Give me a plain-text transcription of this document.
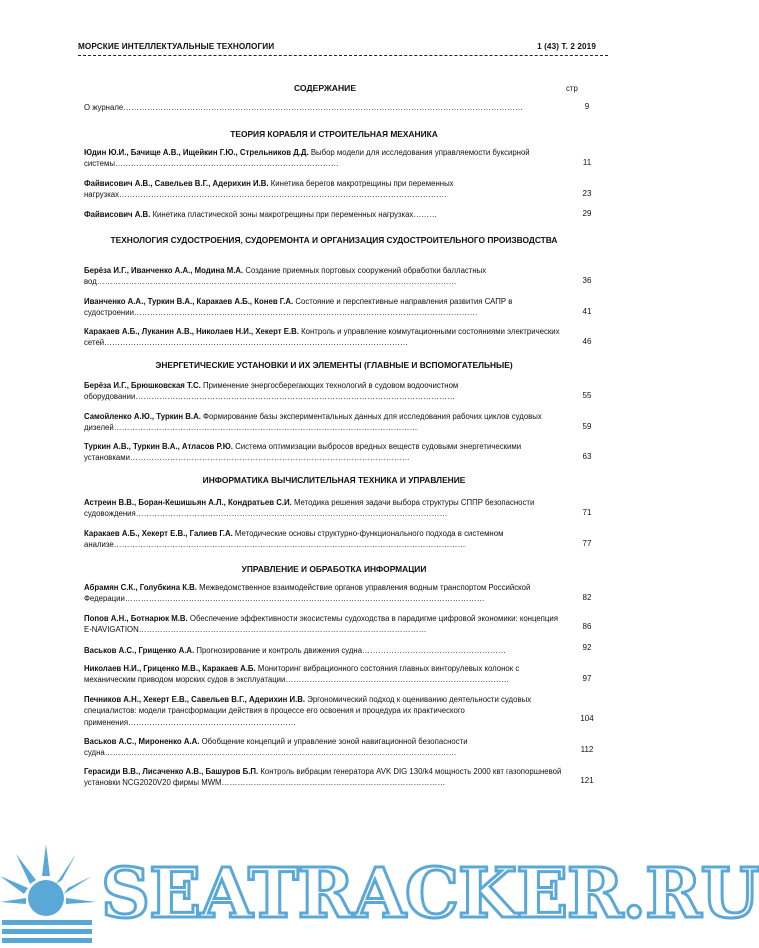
МОРСКИЕ ИНТЕЛЛЕКТУАЛЬНЫЕ ТЕХНОЛОГИИ	1 (43) Т. 2 2019
СОДЕРЖАНИЕ	стр
О журнале……………………………………………………………………………………………………………………………………	9
ТЕОРИЯ КОРАБЛЯ И СТРОИТЕЛЬНАЯ МЕХАНИКА
Юдин Ю.И., Бачище А.В., Ищейкин Г.Ю., Стрельников Д.Д. Выбор модели для исследования управляемости буксирной системы…………………………………………………………………………	11
Файвисович А.В., Савельев В.Г., Адерихин И.В. Кинетика берегов макротрещины при переменных нагрузках……………………………………………………………………………………………………………	23
Файвисович А.В. Кинетика пластической зоны макротрещины при переменных нагрузках………	29
ТЕХНОЛОГИЯ СУДОСТРОЕНИЯ, СУДОРЕМОНТА И ОРГАНИЗАЦИЯ СУДОСТРОИТЕЛЬНОГО ПРОИЗВОДСТВА
Берёза И.Г., Иванченко А.А., Модина М.А. Создание приемных портовых сооружений обработки балластных вод………………………………………………………………………………………………………………………	36
Иванченко А.А., Туркин В.А., Каракаев А.Б., Конев Г.А. Состояние и перспективные направления развития САПР в судостроении…………………………………………………………………………………………………………………	41
Каракаев А.Б., Луканин А.В., Николаев Н.И., Хекерт Е.В. Контроль и управление коммутационными состояниями электрических сетей……………………………………………………………………………………………………	46
ЭНЕРГЕТИЧЕСКИЕ УСТАНОВКИ И ИХ ЭЛЕМЕНТЫ (ГЛАВНЫЕ И ВСПОМОГАТЕЛЬНЫЕ)
Берёза И.Г., Брюшковская Т.С. Применение энергосберегающих технологий в судовом водоочистном оборудовании…………………………………………………………………………………………………………	55
Самойленко А.Ю., Туркин В.А. Формирование базы экспериментальных данных для исследования рабочих циклов судовых дизелей……………………………………………………………………………………………………	59
Туркин А.В., Туркин В.А., Атласов Р.Ю. Система оптимизации выбросов вредных веществ судовыми энергетическими установками……………………………………………………………………………………………	63
ИНФОРМАТИКА ВЫЧИСЛИТЕЛЬНАЯ ТЕХНИКА И УПРАВЛЕНИЕ
Астреин В.В., Боран-Кешишьян А.Л., Кондратьев С.И. Методика решения задачи выбора структуры СППР безопасности судовождения………………………………………………………………………………………………………	71
Каракаев А.Б., Хекерт Е.В., Галиев Г.А. Методические основы структурно-функционального подхода в системном анализе……………………………………………………………………………………………………………………	77
УПРАВЛЕНИЕ И ОБРАБОТКА ИНФОРМАЦИИ
Абрамян С.К., Голубкина К.В. Межведомственное взаимодействие органов управления водным транспортом Российской Федерации………………………………………………………………………………………………………………………	82
Попов А.Н., Ботнарюк М.В. Обеспечение эффективности экосистемы судоходства в парадигме цифровой экономики: концепция E-NAVIGATION………………………………………………………………………………………………	86
Васьков А.С., Грищенко А.А. Прогнозирование и контроль движения судна………………………………………………	92
Николаев Н.И., Гриценко М.В., Каракаев А.Б. Мониторинг вибрационного состояния главных винторулевых колонок с механическим приводом морских судов в эксплуатации…………………………………………………………………………	97
Печников А.Н., Хекерт Е.В., Савельев В.Г., Адерихин И.В. Эргономический подход к оцениванию деятельности судовых специалистов: модели трансформации действия в процессе его освоения и процедура их практического применения………………………………………………………	104
Васьков А.С., Мироненко А.А. Обобщение концепций и управление зоной навигационной безопасности судна……………………………………………………………………………………………………………………	112
Герасиди В.В., Лисаченко А.В., Башуров Б.П. Контроль вибрации генератора AVK DIG 130/k4 мощность 2000 квт газопоршневой установки NCG2020V20 фирмы MWM…………………………………………………………………………	121
SEATRACKER.RU
